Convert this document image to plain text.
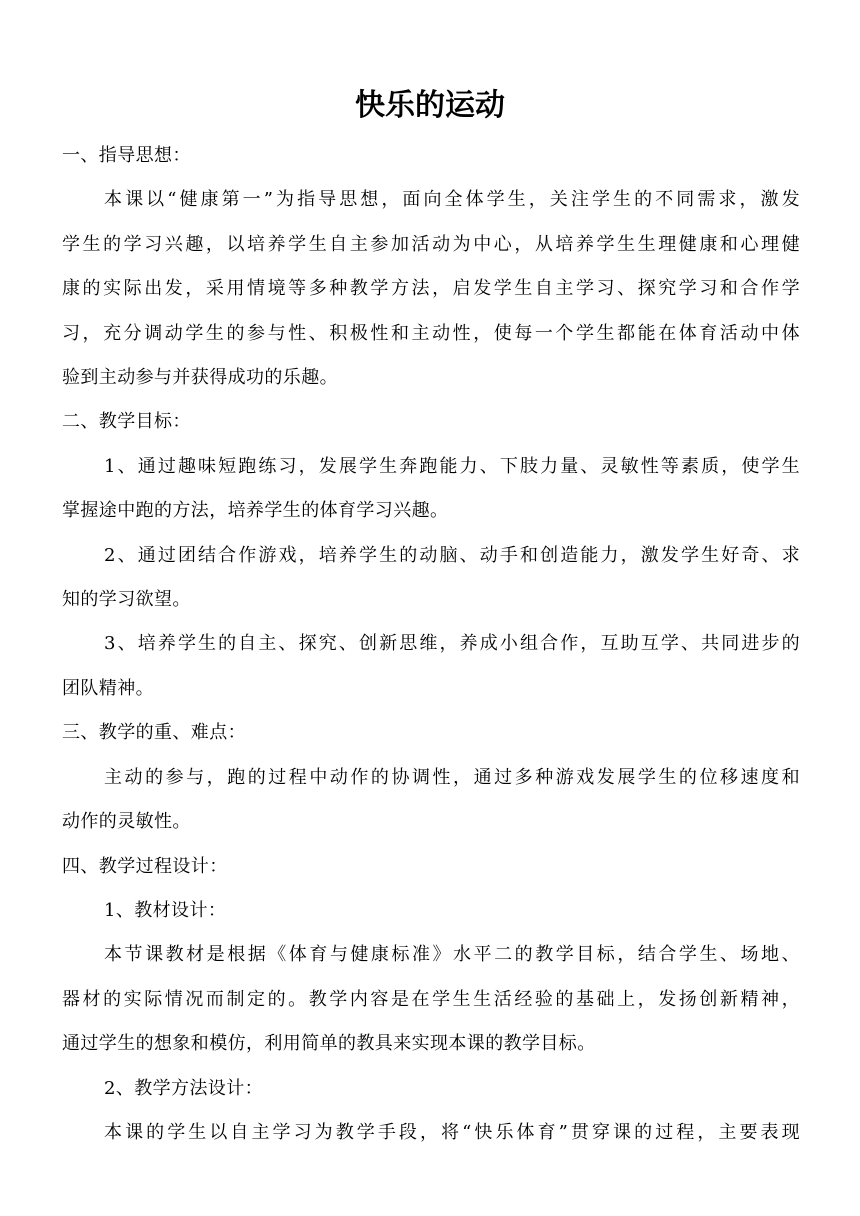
快乐的运动

一、指导思想：

本课以“健康第一”为指导思想，面向全体学生，关注学生的不同需求，激发

学生的学习兴趣，以培养学生自主参加活动为中心，从培养学生生理健康和心理健

康的实际出发，采用情境等多种教学方法，启发学生自主学习、探究学习和合作学

习，充分调动学生的参与性、积极性和主动性，使每一个学生都能在体育活动中体

验到主动参与并获得成功的乐趣。

二、教学目标：

1、通过趣味短跑练习，发展学生奔跑能力、下肢力量、灵敏性等素质，使学生

掌握途中跑的方法，培养学生的体育学习兴趣。

2、通过团结合作游戏，培养学生的动脑、动手和创造能力，激发学生好奇、求

知的学习欲望。

3、培养学生的自主、探究、创新思维，养成小组合作，互助互学、共同进步的

团队精神。

三、教学的重、难点：

主动的参与，跑的过程中动作的协调性，通过多种游戏发展学生的位移速度和

动作的灵敏性。

四、教学过程设计：

1、教材设计：

本节课教材是根据《体育与健康标准》水平二的教学目标，结合学生、场地、

器材的实际情况而制定的。教学内容是在学生生活经验的基础上，发扬创新精神，

通过学生的想象和模仿，利用简单的教具来实现本课的教学目标。

2、教学方法设计：

本课的学生以自主学习为教学手段，将“快乐体育”贯穿课的过程，主要表现
